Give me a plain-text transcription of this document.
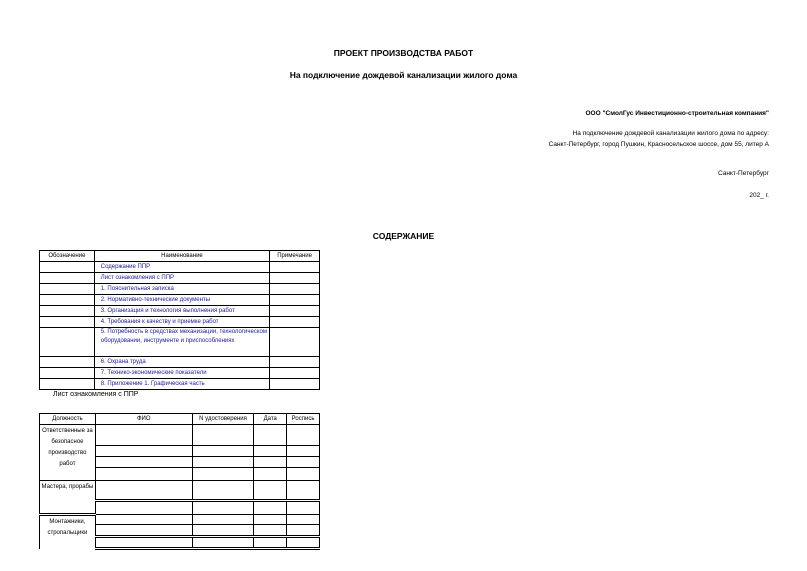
ПРОЕКТ ПРОИЗВОДСТВА РАБОТ
На подключение дождевой канализации жилого дома
ООО "СмолГус Инвестиционно-строительная компания"
На подключение дождевой канализации жилого дома по адресу:
Санкт-Петербург, город Пушкин, Красносельское шоссе, дом 55, литер А
Санкт-Петербург
202_ г.
СОДЕРЖАНИЕ
Обозначение	Наименование	Примечание
	Содержание ППР	
	Лист ознакомления с ППР	
	1. Пояснительная записка	
	2. Нормативно-технические документы	
	3. Организация и технология выполнения работ	
	4. Требования к качеству и приемке работ	
	5. Потребность в средствах механизации, технологическом оборудовании, инструменте и приспособлениях	
	6. Охрана труда	
	7. Технико-экономические показатели	
	8. Приложение 1. Графическая часть	
Лист ознакомления с ППР
Должность	ФИО	N удостоверения	Дата	Роспись
Ответственные за безопасное производство работ				

Мастера, прорабы				

Монтажники, стропальщики				
